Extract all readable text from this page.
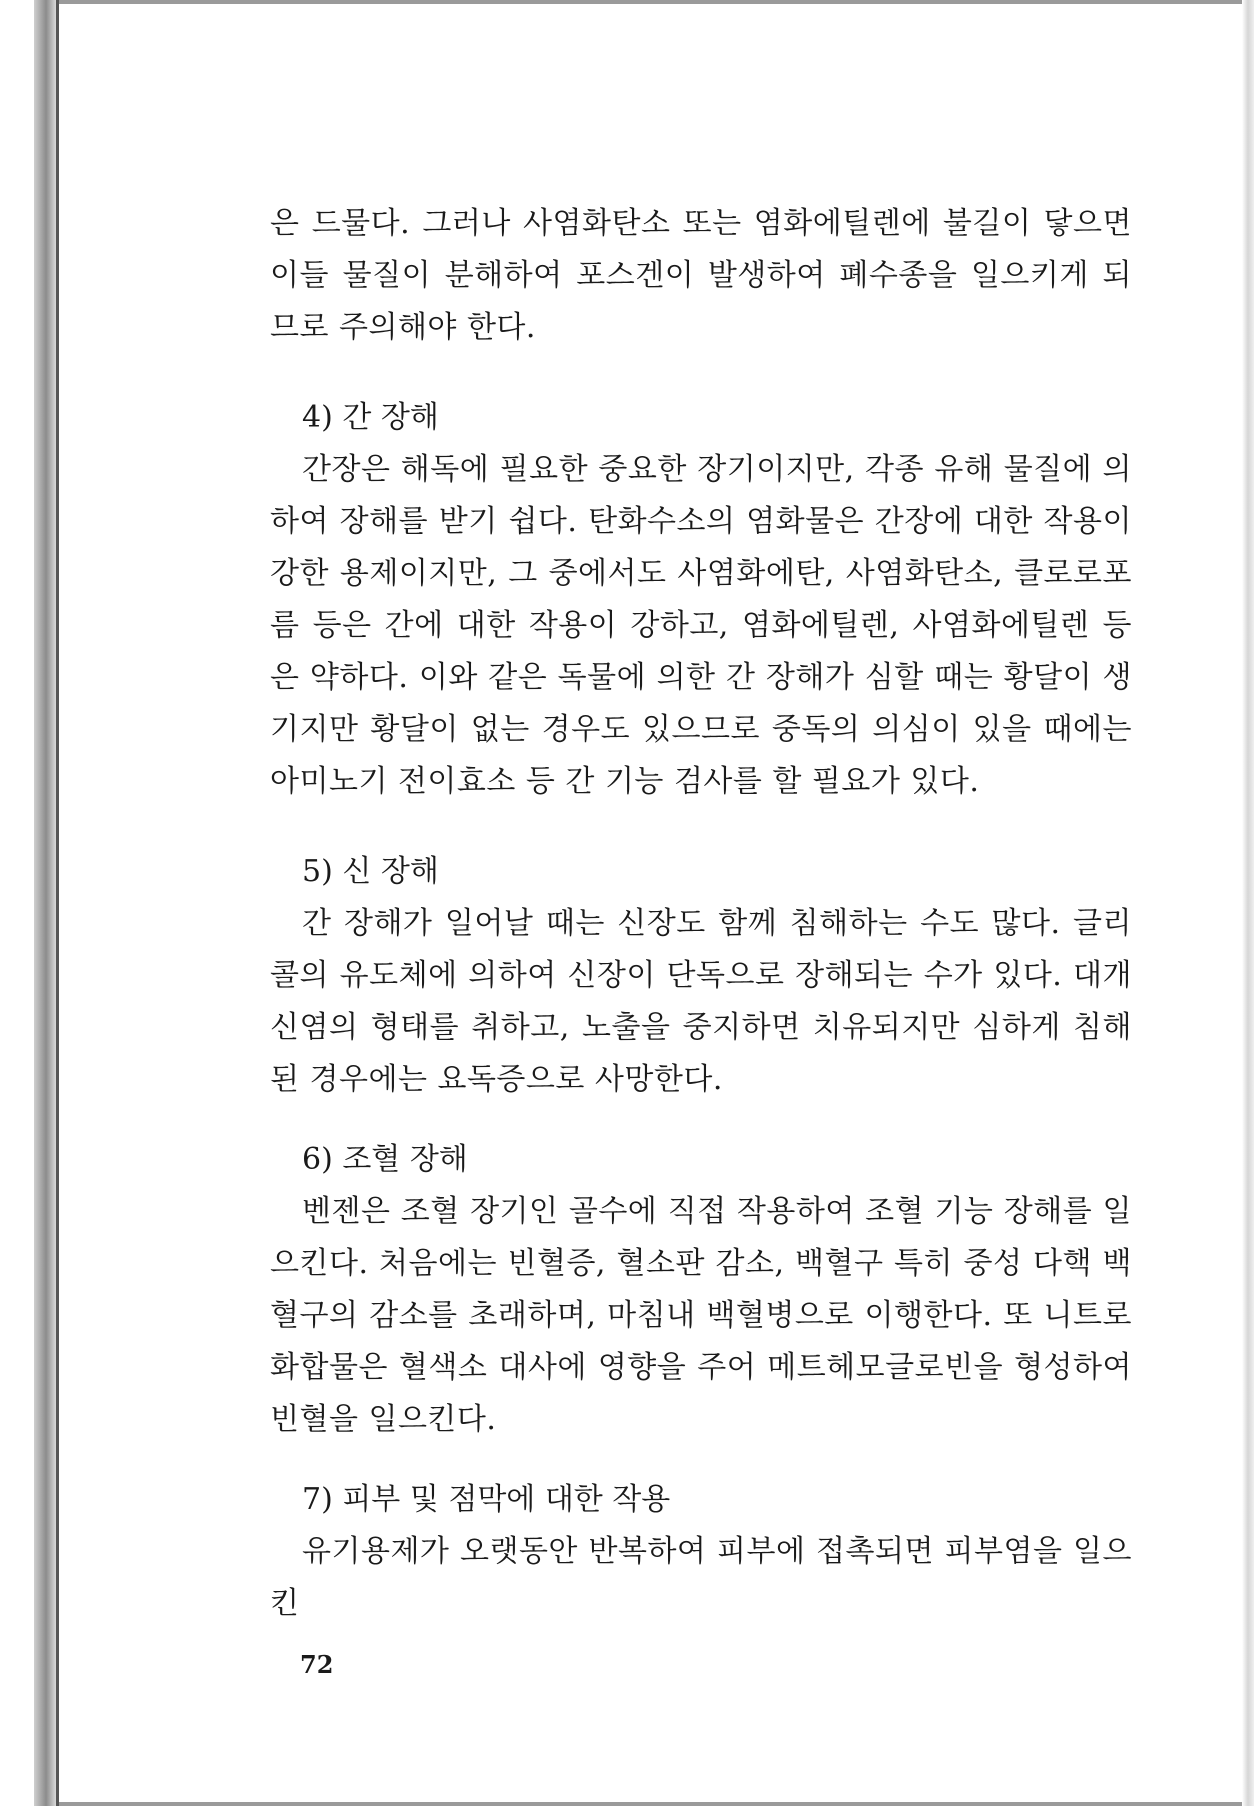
은 드물다. 그러나 사염화탄소 또는 염화에틸렌에 불길이 닿으면 이들 물질이 분해하여 포스겐이 발생하여 폐수종을 일으키게 되므로 주의해야 한다.

4) 간 장해

간장은 해독에 필요한 중요한 장기이지만, 각종 유해 물질에 의하여 장해를 받기 쉽다. 탄화수소의 염화물은 간장에 대한 작용이 강한 용제이지만, 그 중에서도 사염화에탄, 사염화탄소, 클로로포름 등은 간에 대한 작용이 강하고, 염화에틸렌, 사염화에틸렌 등은 약하다. 이와 같은 독물에 의한 간 장해가 심할 때는 황달이 생기지만 황달이 없는 경우도 있으므로 중독의 의심이 있을 때에는 아미노기 전이효소 등 간 기능 검사를 할 필요가 있다.

5) 신 장해

간 장해가 일어날 때는 신장도 함께 침해하는 수도 많다. 글리콜의 유도체에 의하여 신장이 단독으로 장해되는 수가 있다. 대개 신염의 형태를 취하고, 노출을 중지하면 치유되지만 심하게 침해된 경우에는 요독증으로 사망한다.

6) 조혈 장해

벤젠은 조혈 장기인 골수에 직접 작용하여 조혈 기능 장해를 일으킨다. 처음에는 빈혈증, 혈소판 감소, 백혈구 특히 중성 다핵 백혈구의 감소를 초래하며, 마침내 백혈병으로 이행한다. 또 니트로 화합물은 혈색소 대사에 영향을 주어 메트헤모글로빈을 형성하여 빈혈을 일으킨다.

7) 피부 및 점막에 대한 작용

유기용제가 오랫동안 반복하여 피부에 접촉되면 피부염을 일으킨

72
